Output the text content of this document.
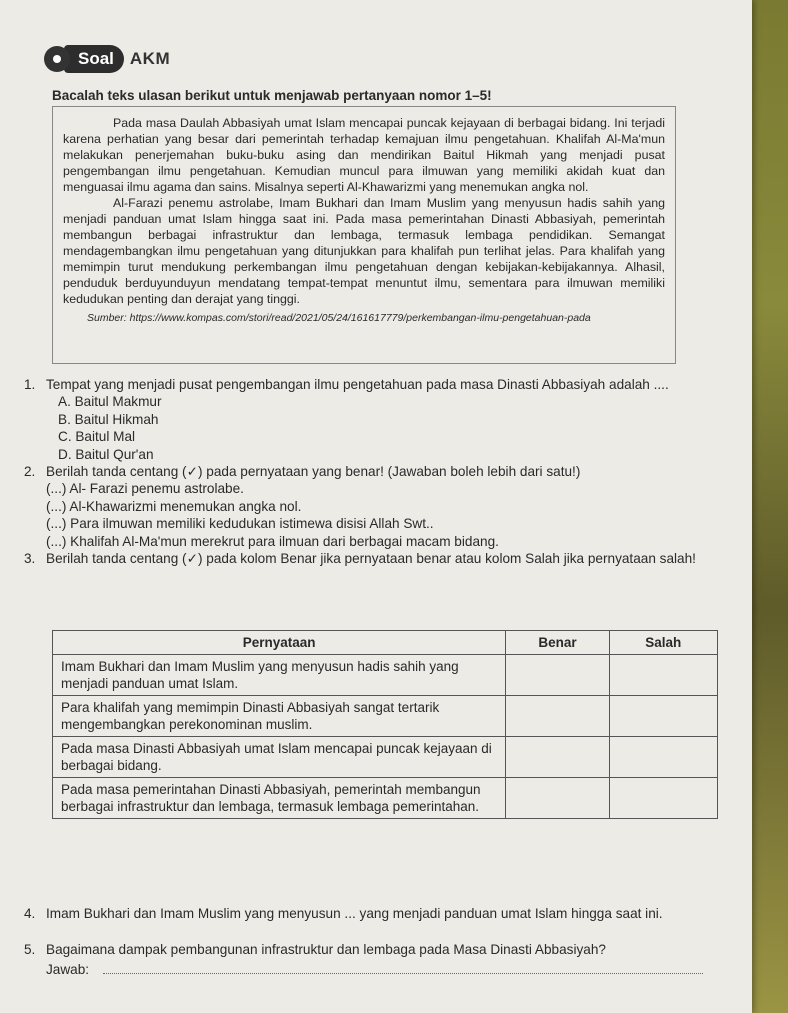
Soal AKM
Bacalah teks ulasan berikut untuk menjawab pertanyaan nomor 1–5!

Pada masa Daulah Abbasiyah umat Islam mencapai puncak kejayaan di berbagai bidang. Ini terjadi karena perhatian yang besar dari pemerintah terhadap kemajuan ilmu pengetahuan. Khalifah Al-Ma'mun melakukan penerjemahan buku-buku asing dan mendirikan Baitul Hikmah yang menjadi pusat pengembangan ilmu pengetahuan. Kemudian muncul para ilmuwan yang memiliki akidah kuat dan menguasai ilmu agama dan sains. Misalnya seperti Al-Khawarizmi yang menemukan angka nol.

Al-Farazi penemu astrolabe, Imam Bukhari dan Imam Muslim yang menyusun hadis sahih yang menjadi panduan umat Islam hingga saat ini. Pada masa pemerintahan Dinasti Abbasiyah, pemerintah membangun berbagai infrastruktur dan lembaga, termasuk lembaga pendidikan. Semangat mendagembangkan ilmu pengetahuan yang ditunjukkan para khalifah pun terlihat jelas. Para khalifah yang memimpin turut mendukung perkembangan ilmu pengetahuan dengan kebijakan-kebijakannya. Alhasil, penduduk berduyunduyun mendatang tempat-tempat menuntut ilmu, sementara para ilmuwan memiliki kedudukan penting dan derajat yang tinggi.

Sumber: https://www.kompas.com/stori/read/2021/05/24/161617779/perkembangan-ilmu-pengetahuan-pada
1. Tempat yang menjadi pusat pengembangan ilmu pengetahuan pada masa Dinasti Abbasiyah adalah ....
A. Baitul Makmur
B. Baitul Hikmah
C. Baitul Mal
D. Baitul Qur'an
2. Berilah tanda centang (✓) pada pernyataan yang benar! (Jawaban boleh lebih dari satu!)
(...) Al- Farazi penemu astrolabe.
(...) Al-Khawarizmi menemukan angka nol.
(...) Para ilmuwan memiliki kedudukan istimewa disisi Allah Swt..
(...) Khalifah Al-Ma'mun merekrut para ilmuan dari berbagai macam bidang.
3. Berilah tanda centang (✓) pada kolom Benar jika pernyataan benar atau kolom Salah jika pernyataan salah!
Pernyataan	Benar	Salah
Imam Bukhari dan Imam Muslim yang menyusun hadis sahih yang menjadi panduan umat Islam.		
Para khalifah yang memimpin Dinasti Abbasiyah sangat tertarik mengembangkan perekonominan muslim.		
Pada masa Dinasti Abbasiyah umat Islam mencapai puncak kejayaan di berbagai bidang.		
Pada masa pemerintahan Dinasti Abbasiyah, pemerintah membangun berbagai infrastruktur dan lembaga, termasuk lembaga pemerintahan.		
4. Imam Bukhari dan Imam Muslim yang menyusun ... yang menjadi panduan umat Islam hingga saat ini.
5. Bagaimana dampak pembangunan infrastruktur dan lembaga pada Masa Dinasti Abbasiyah?
Jawab:
